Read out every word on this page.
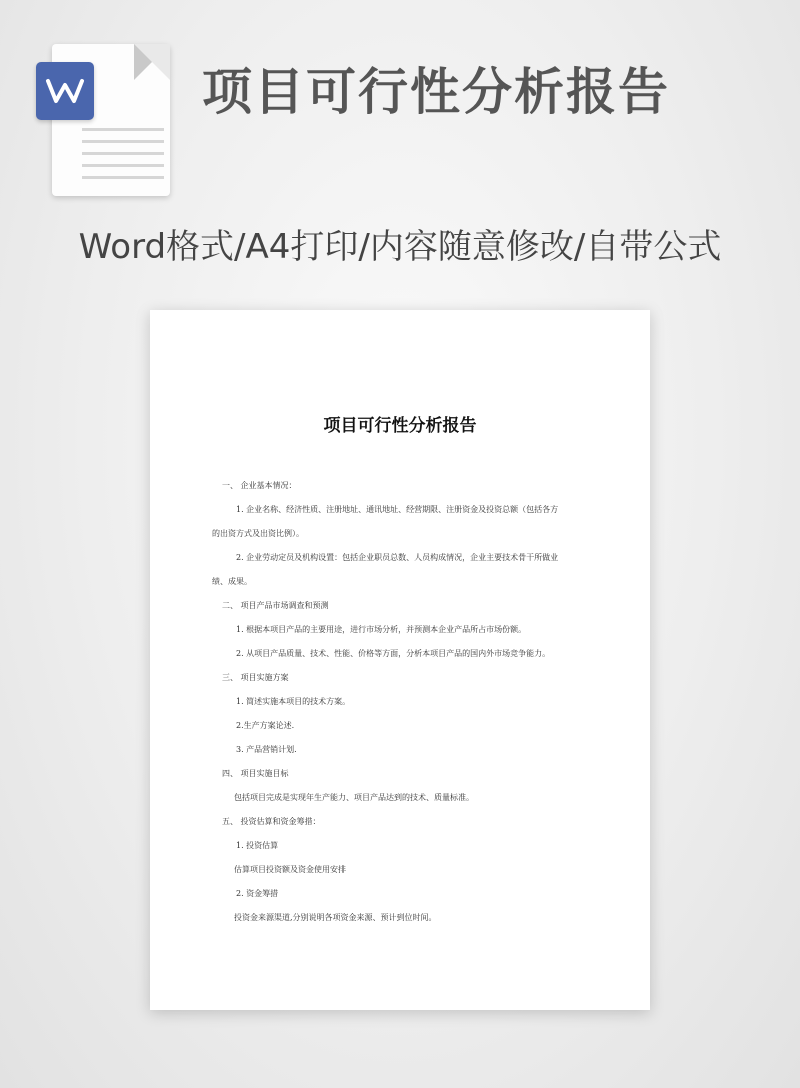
项目可行性分析报告
Word格式/A4打印/内容随意修改/自带公式
项目可行性分析报告
一、 企业基本情况：
1. 企业名称、经济性质、注册地址、通讯地址、经营期限、注册资金及投资总额（包括各方
的出资方式及出资比例）。
2. 企业劳动定员及机构设置：包括企业职员总数、人员构成情况，企业主要技术骨干所做业
绩、成果。
二、 项目产品市场调查和预测
1. 根据本项目产品的主要用途，进行市场分析，并预测本企业产品所占市场份额。
2. 从项目产品质量、技术、性能、价格等方面，分析本项目产品的国内外市场竞争能力。
三、 项目实施方案
1. 简述实施本项目的技术方案。
2.生产方案论述.
3. 产品营销计划.
四、 项目实施目标
包括项目完成是实现年生产能力、项目产品达到的技术、质量标准。
五、 投资估算和资金筹措：
1. 投资估算
估算项目投资额及资金使用安排
2. 资金筹措
投资金来源渠道,分别说明各项资金来源、预计到位时间。
